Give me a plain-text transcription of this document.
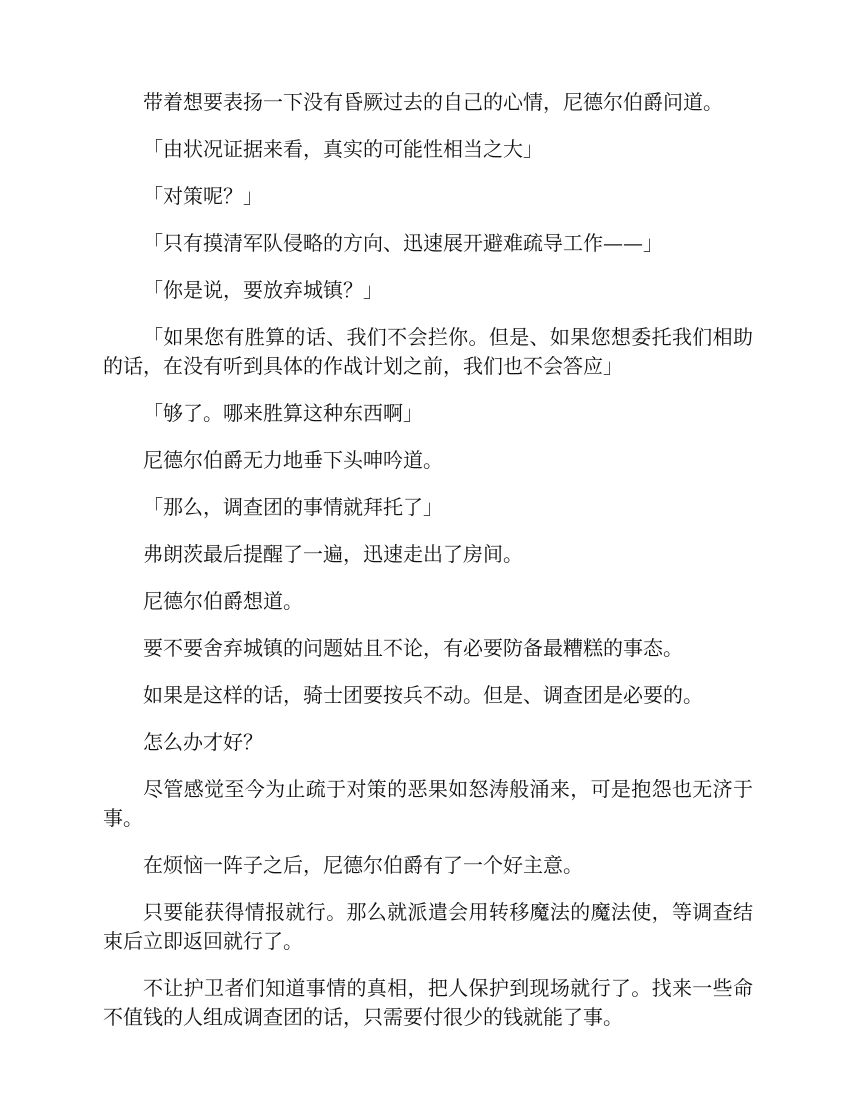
带着想要表扬一下没有昏厥过去的自己的心情，尼德尔伯爵问道。

「由状况证据来看，真实的可能性相当之大」

「对策呢？」

「只有摸清军队侵略的方向、迅速展开避难疏导工作——」

「你是说，要放弃城镇？」

「如果您有胜算的话、我们不会拦你。但是、如果您想委托我们相助的话，在没有听到具体的作战计划之前，我们也不会答应」

「够了。哪来胜算这种东西啊」

尼德尔伯爵无力地垂下头呻吟道。

「那么，调查团的事情就拜托了」

弗朗茨最后提醒了一遍，迅速走出了房间。

尼德尔伯爵想道。

要不要舍弃城镇的问题姑且不论，有必要防备最糟糕的事态。

如果是这样的话，骑士团要按兵不动。但是、调查团是必要的。

怎么办才好？

尽管感觉至今为止疏于对策的恶果如怒涛般涌来，可是抱怨也无济于事。

在烦恼一阵子之后，尼德尔伯爵有了一个好主意。

只要能获得情报就行。那么就派遣会用转移魔法的魔法使，等调查结束后立即返回就行了。

不让护卫者们知道事情的真相，把人保护到现场就行了。找来一些命不值钱的人组成调查团的话，只需要付很少的钱就能了事。
